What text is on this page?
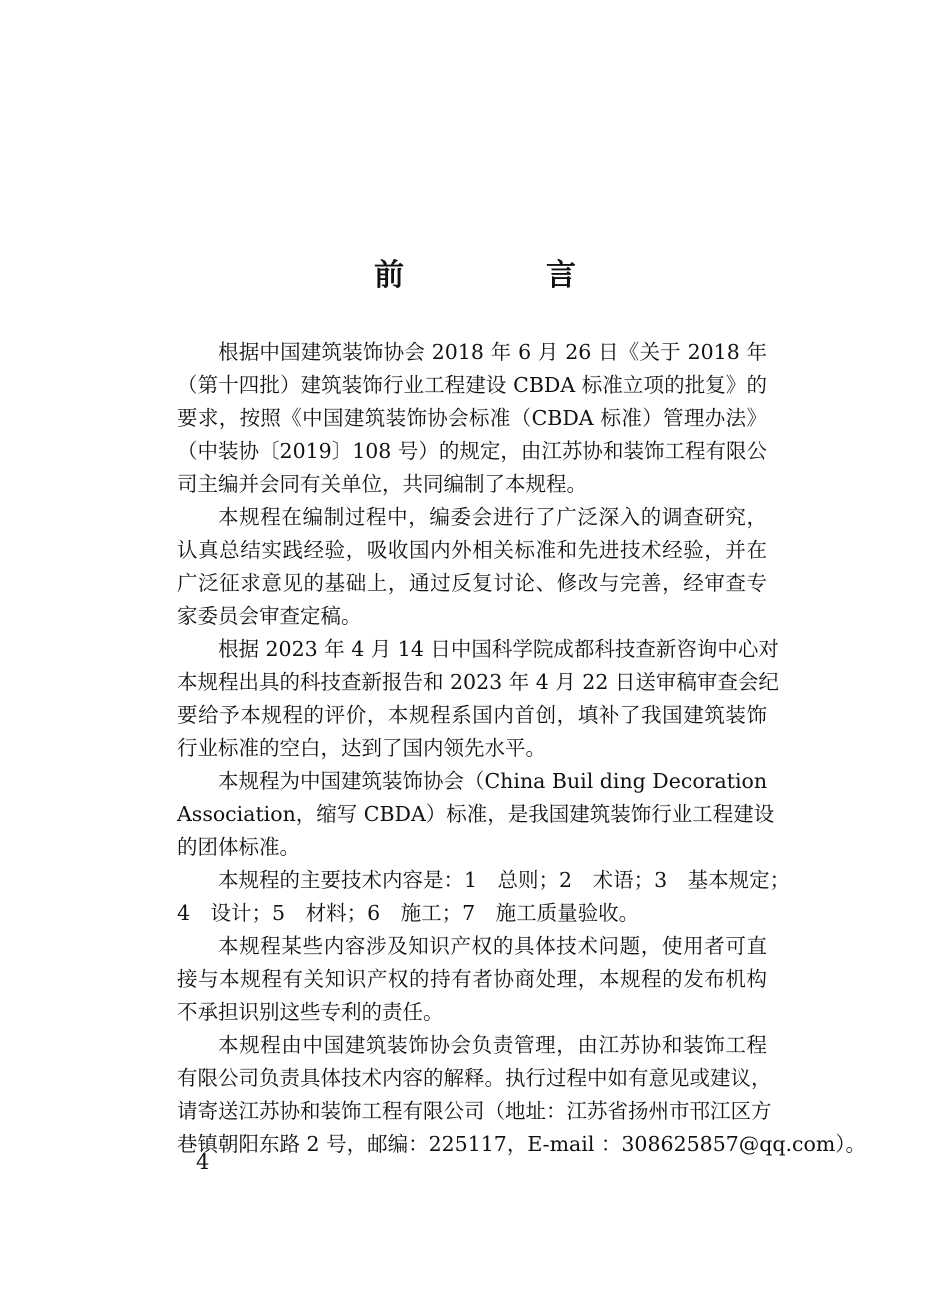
前　言
根据中国建筑装饰协会 2018 年 6 月 26 日《关于 2018 年
（第十四批）建筑装饰行业工程建设 CBDA 标准立项的批复》的
要求，按照《中国建筑装饰协会标准（CBDA 标准）管理办法》
（中装协〔2019〕108 号）的规定，由江苏协和装饰工程有限公
司主编并会同有关单位，共同编制了本规程。
本规程在编制过程中，编委会进行了广泛深入的调查研究，
认真总结实践经验，吸收国内外相关标准和先进技术经验，并在
广泛征求意见的基础上，通过反复讨论、修改与完善，经审查专
家委员会审查定稿。
根据 2023 年 4 月 14 日中国科学院成都科技查新咨询中心对
本规程出具的科技查新报告和 2023 年 4 月 22 日送审稿审查会纪
要给予本规程的评价，本规程系国内首创，填补了我国建筑装饰
行业标准的空白，达到了国内领先水平。
本规程为中国建筑装饰协会（China Buil ding Decoration
Association，缩写 CBDA）标准，是我国建筑装饰行业工程建设
的团体标准。
本规程的主要技术内容是：1　总则；2　术语；3　基本规定；
4　设计；5　材料；6　施工；7　施工质量验收。
本规程某些内容涉及知识产权的具体技术问题，使用者可直
接与本规程有关知识产权的持有者协商处理，本规程的发布机构
不承担识别这些专利的责任。
本规程由中国建筑装饰协会负责管理，由江苏协和装饰工程
有限公司负责具体技术内容的解释。执行过程中如有意见或建议，
请寄送江苏协和装饰工程有限公司（地址：江苏省扬州市邗江区方
巷镇朝阳东路 2 号，邮编：225117，E-mail ：308625857@qq.com）。
4
